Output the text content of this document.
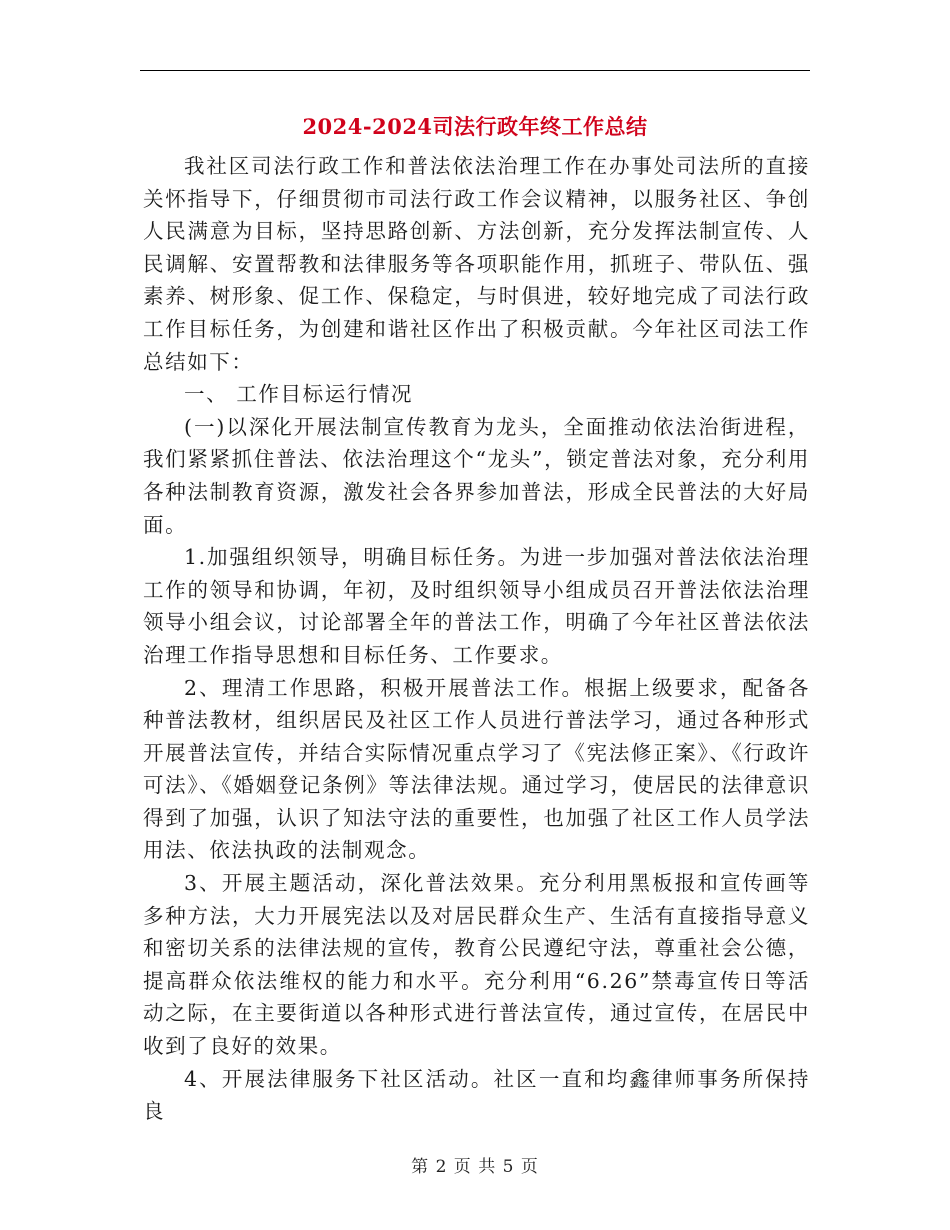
2024-2024司法行政年终工作总结

我社区司法行政工作和普法依法治理工作在办事处司法所的直接关怀指导下，仔细贯彻市司法行政工作会议精神，以服务社区、争创人民满意为目标，坚持思路创新、方法创新，充分发挥法制宣传、人民调解、安置帮教和法律服务等各项职能作用，抓班子、带队伍、强素养、树形象、促工作、保稳定，与时俱进，较好地完成了司法行政工作目标任务，为创建和谐社区作出了积极贡献。今年社区司法工作总结如下：

一、 工作目标运行情况

(一)以深化开展法制宣传教育为龙头，全面推动依法治街进程，我们紧紧抓住普法、依法治理这个“龙头”，锁定普法对象，充分利用各种法制教育资源，激发社会各界参加普法，形成全民普法的大好局面。

1.加强组织领导，明确目标任务。为进一步加强对普法依法治理工作的领导和协调，年初，及时组织领导小组成员召开普法依法治理领导小组会议，讨论部署全年的普法工作，明确了今年社区普法依法治理工作指导思想和目标任务、工作要求。

2、理清工作思路，积极开展普法工作。根据上级要求，配备各种普法教材，组织居民及社区工作人员进行普法学习，通过各种形式开展普法宣传，并结合实际情况重点学习了《宪法修正案》、《行政许可法》、《婚姻登记条例》等法律法规。通过学习，使居民的法律意识得到了加强，认识了知法守法的重要性，也加强了社区工作人员学法用法、依法执政的法制观念。

3、开展主题活动，深化普法效果。充分利用黑板报和宣传画等多种方法，大力开展宪法以及对居民群众生产、生活有直接指导意义和密切关系的法律法规的宣传，教育公民遵纪守法，尊重社会公德，提高群众依法维权的能力和水平。充分利用“6.26”禁毒宣传日等活动之际，在主要街道以各种形式进行普法宣传，通过宣传，在居民中收到了良好的效果。

4、开展法律服务下社区活动。社区一直和均鑫律师事务所保持良

第 2 页 共 5 页
